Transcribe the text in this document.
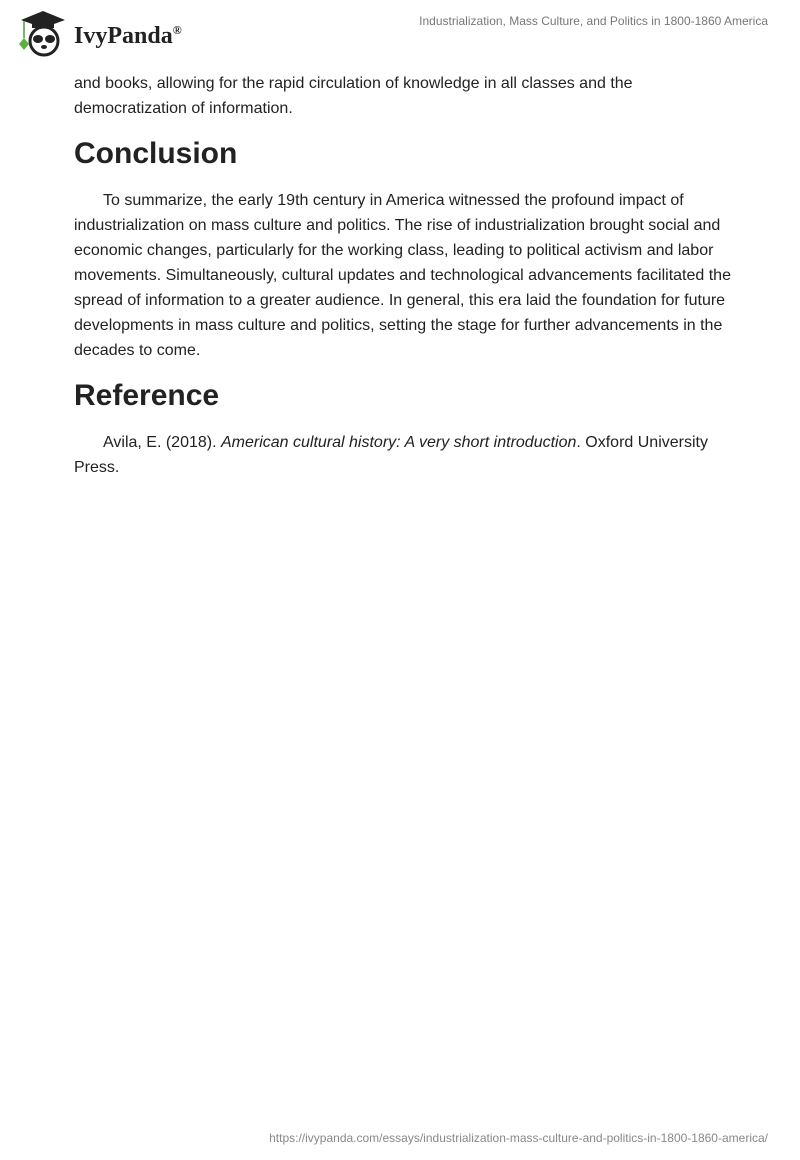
IvyPanda®
Industrialization, Mass Culture, and Politics in 1800-1860 America

and books, allowing for the rapid circulation of knowledge in all classes and the democratization of information.

Conclusion

To summarize, the early 19th century in America witnessed the profound impact of industrialization on mass culture and politics. The rise of industrialization brought social and economic changes, particularly for the working class, leading to political activism and labor movements. Simultaneously, cultural updates and technological advancements facilitated the spread of information to a greater audience. In general, this era laid the foundation for future developments in mass culture and politics, setting the stage for further advancements in the decades to come.

Reference

Avila, E. (2018). American cultural history: A very short introduction. Oxford University Press.

https://ivypanda.com/essays/industrialization-mass-culture-and-politics-in-1800-1860-america/
